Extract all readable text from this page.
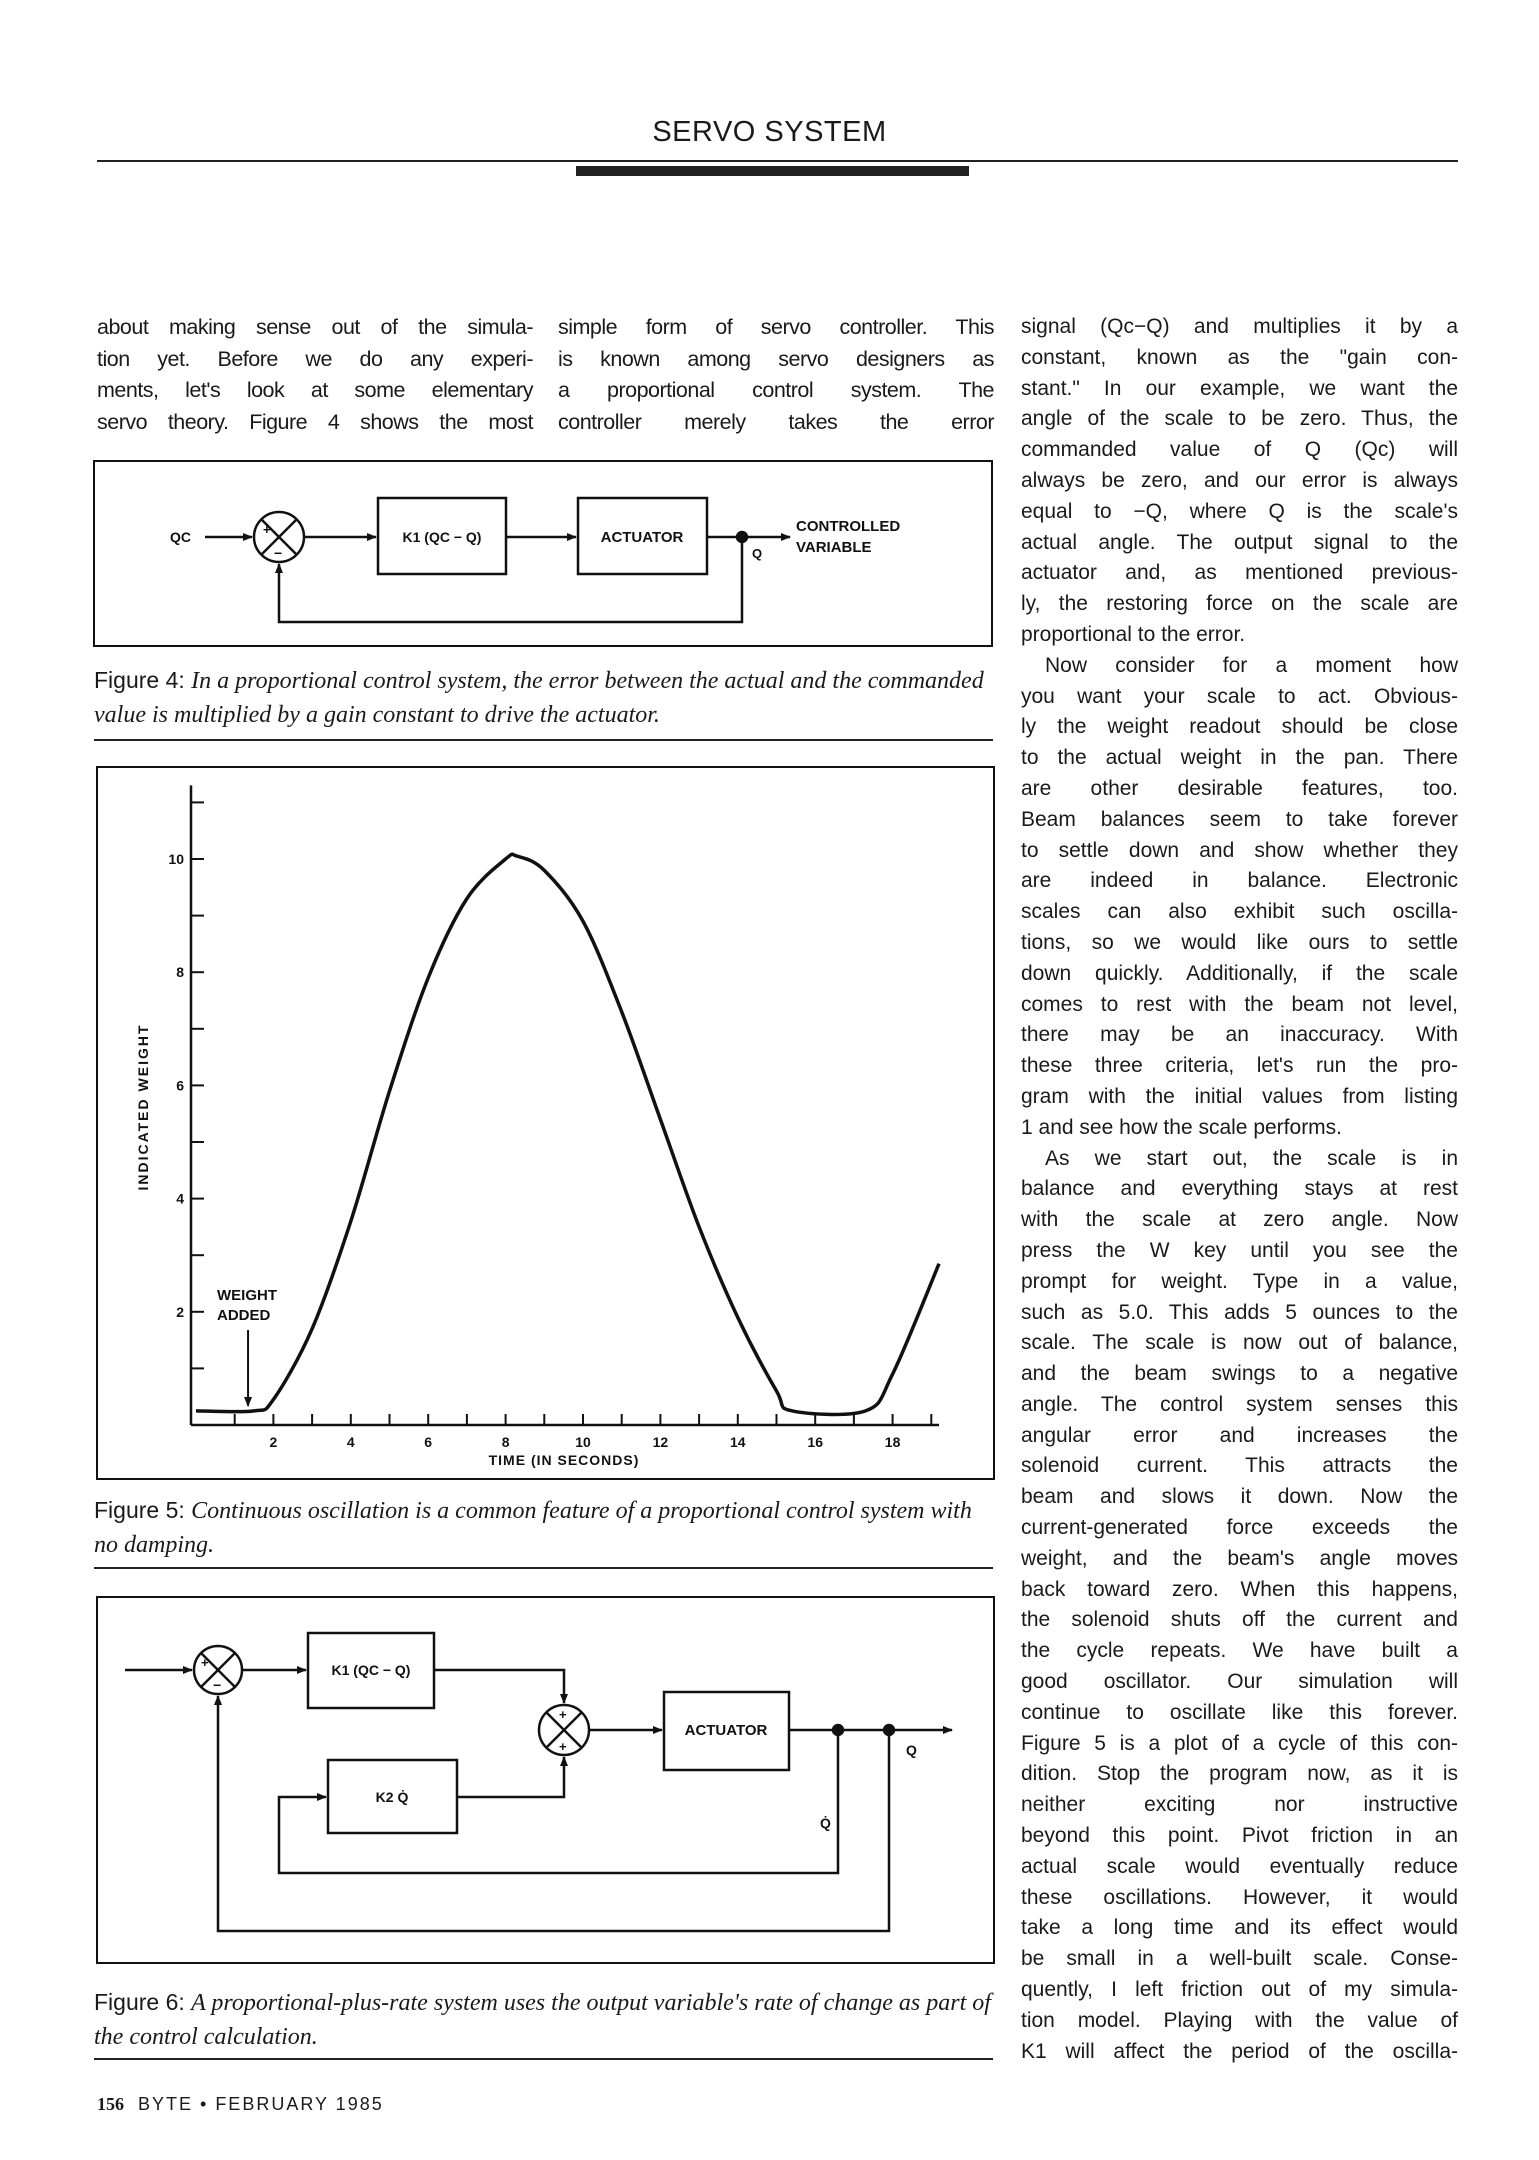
SERVO SYSTEM
about making sense out of the simula-
tion yet. Before we do any experi-
ments, let's look at some elementary
servo theory. Figure 4 shows the most
simple form of servo controller. This
is known among servo designers as
a proportional control system. The
controller merely takes the error
signal (Qc−Q) and multiplies it by a
constant, known as the "gain con-
stant." In our example, we want the
angle of the scale to be zero. Thus, the
commanded value of Q (Qc) will
always be zero, and our error is always
equal to −Q, where Q is the scale's
actual angle. The output signal to the
actuator and, as mentioned previous-
ly, the restoring force on the scale are
proportional to the error.
Now consider for a moment how
you want your scale to act. Obvious-
ly the weight readout should be close
to the actual weight in the pan. There
are other desirable features, too.
Beam balances seem to take forever
to settle down and show whether they
are indeed in balance. Electronic
scales can also exhibit such oscilla-
tions, so we would like ours to settle
down quickly. Additionally, if the scale
comes to rest with the beam not level,
there may be an inaccuracy. With
these three criteria, let's run the pro-
gram with the initial values from listing
1 and see how the scale performs.
As we start out, the scale is in
balance and everything stays at rest
with the scale at zero angle. Now
press the W key until you see the
prompt for weight. Type in a value,
such as 5.0. This adds 5 ounces to the
scale. The scale is now out of balance,
and the beam swings to a negative
angle. The control system senses this
angular error and increases the
solenoid current. This attracts the
beam and slows it down. Now the
current-generated force exceeds the
weight, and the beam's angle moves
back toward zero. When this happens,
the solenoid shuts off the current and
the cycle repeats. We have built a
good oscillator. Our simulation will
continue to oscillate like this forever.
Figure 5 is a plot of a cycle of this con-
dition. Stop the program now, as it is
neither exciting nor instructive
beyond this point. Pivot friction in an
actual scale would eventually reduce
these oscillations. However, it would
take a long time and its effect would
be small in a well-built scale. Conse-
quently, I left friction out of my simula-
tion model. Playing with the value of
K1 will affect the period of the oscilla-
QC	+
−
K1 (QC − Q)	ACTUATOR
Q
CONTROLLED
VARIABLE
2	4	6	8	10	12	14	16	18
2
4
6
8
10
TIME (IN SECONDS)
INDICATED WEIGHT
WEIGHT
ADDED
+
−
+
+
K1 (QC − Q)
K2 Q̇
ACTUATOR
Q
Q̇
Figure 4: In a proportional control system, the error between the actual and the commanded value is multiplied by a gain constant to drive the actuator.
Figure 5: Continuous oscillation is a common feature of a proportional control system with no damping.
Figure 6: A proportional-plus-rate system uses the output variable's rate of change as part of the control calculation.
156 BYTE • FEBRUARY 1985
